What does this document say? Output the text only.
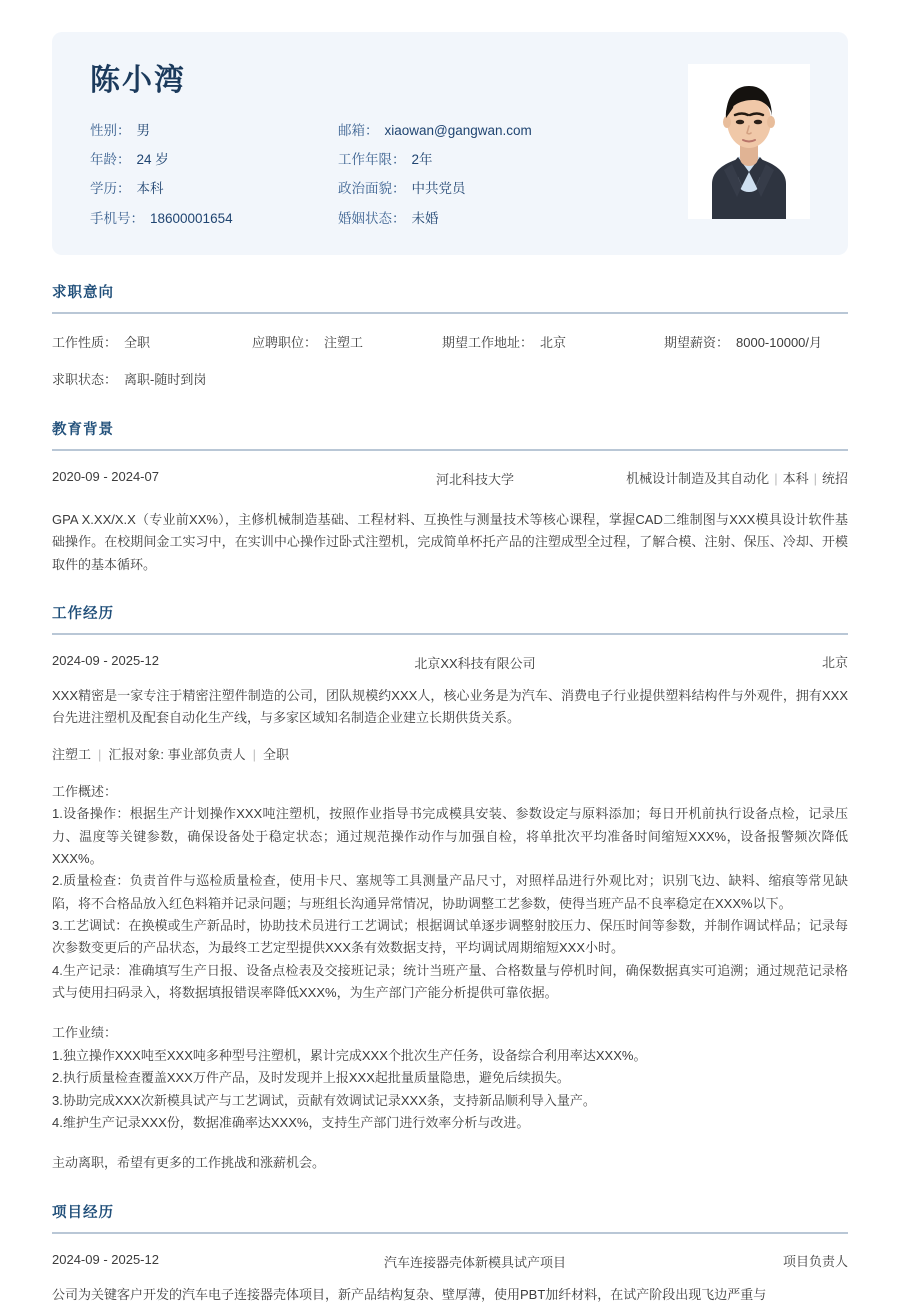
陈小湾
性别： 男	邮箱： xiaowan@gangwan.com
年龄： 24 岁	工作年限： 2年
学历： 本科	政治面貌： 中共党员
手机号： 18600001654	婚姻状态： 未婚
求职意向
工作性质： 全职	应聘职位： 注塑工	期望工作地址： 北京	期望薪资： 8000-10000/月
求职状态： 离职-随时到岗
教育背景
2020-09 - 2024-07	河北科技大学	机械设计制造及其自动化 | 本科 | 统招
GPA X.XX/X.X（专业前XX%），主修机械制造基础、工程材料、互换性与测量技术等核心课程，掌握CAD二维制图与XXX模具设计软件基础操作。在校期间金工实习中，在实训中心操作过卧式注塑机，完成简单杯托产品的注塑成型全过程，了解合模、注射、保压、冷却、开模取件的基本循环。
工作经历
2024-09 - 2025-12	北京XX科技有限公司	北京
XXX精密是一家专注于精密注塑件制造的公司，团队规模约XXX人，核心业务是为汽车、消费电子行业提供塑料结构件与外观件，拥有XXX台先进注塑机及配套自动化生产线，与多家区域知名制造企业建立长期供货关系。
注塑工 | 汇报对象: 事业部负责人 | 全职
工作概述：
1.设备操作：根据生产计划操作XXX吨注塑机，按照作业指导书完成模具安装、参数设定与原料添加；每日开机前执行设备点检，记录压力、温度等关键参数，确保设备处于稳定状态；通过规范操作动作与加强自检，将单批次平均准备时间缩短XXX%，设备报警频次降低XXX%。
2.质量检查：负责首件与巡检质量检查，使用卡尺、塞规等工具测量产品尺寸，对照样品进行外观比对；识别飞边、缺料、缩痕等常见缺陷，将不合格品放入红色料箱并记录问题；与班组长沟通异常情况，协助调整工艺参数，使得当班产品不良率稳定在XXX%以下。
3.工艺调试：在换模或生产新品时，协助技术员进行工艺调试；根据调试单逐步调整射胶压力、保压时间等参数，并制作调试样品；记录每次参数变更后的产品状态，为最终工艺定型提供XXX条有效数据支持，平均调试周期缩短XXX小时。
4.生产记录：准确填写生产日报、设备点检表及交接班记录；统计当班产量、合格数量与停机时间，确保数据真实可追溯；通过规范记录格式与使用扫码录入，将数据填报错误率降低XXX%，为生产部门产能分析提供可靠依据。
工作业绩：
1.独立操作XXX吨至XXX吨多种型号注塑机，累计完成XXX个批次生产任务，设备综合利用率达XXX%。
2.执行质量检查覆盖XXX万件产品，及时发现并上报XXX起批量质量隐患，避免后续损失。
3.协助完成XXX次新模具试产与工艺调试，贡献有效调试记录XXX条，支持新品顺利导入量产。
4.维护生产记录XXX份，数据准确率达XXX%，支持生产部门进行效率分析与改进。
主动离职，希望有更多的工作挑战和涨薪机会。
项目经历
2024-09 - 2025-12	汽车连接器壳体新模具试产项目	项目负责人
公司为关键客户开发的汽车电子连接器壳体项目，新产品结构复杂、壁厚薄，使用PBT加纤材料，在试产阶段出现飞边严重与
